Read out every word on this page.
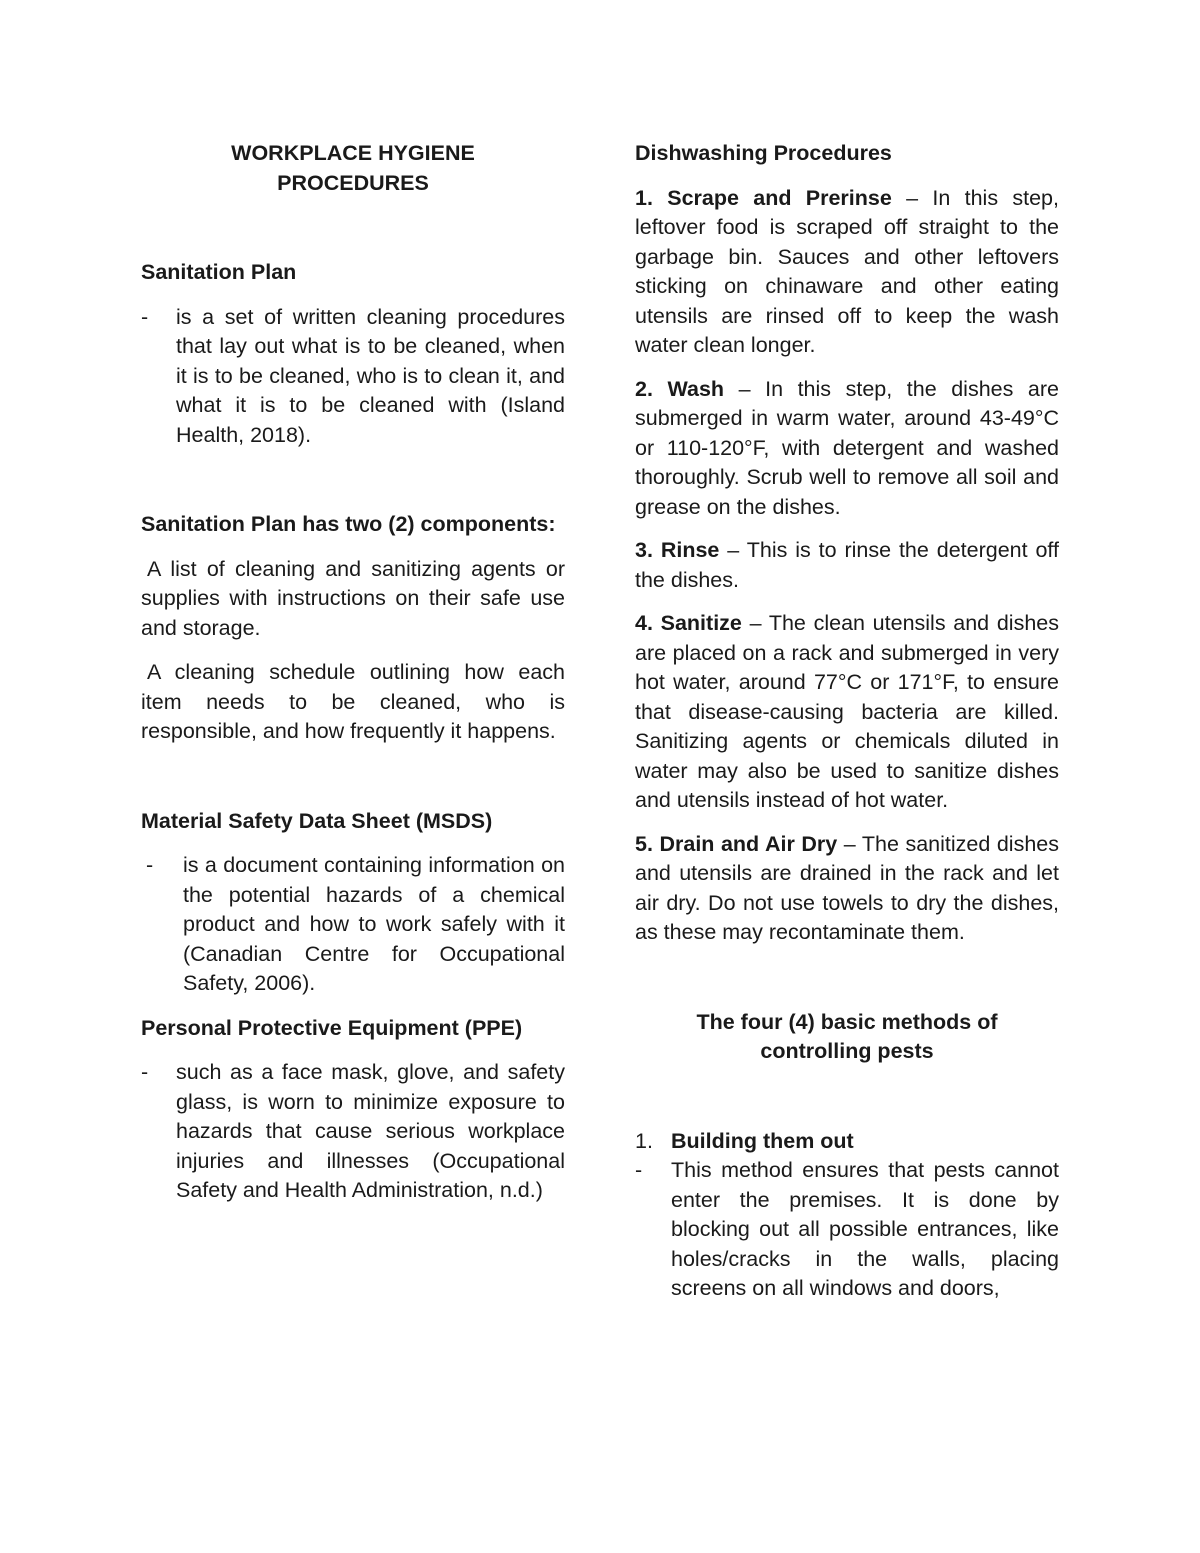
WORKPLACE HYGIENE

PROCEDURES

Sanitation Plan

-	is a set of written cleaning procedures that lay out what is to be cleaned, when it is to be cleaned, who is to clean it, and what it is to be cleaned with (Island Health, 2018).

Sanitation Plan has two (2) components:

A list of cleaning and sanitizing agents or supplies with instructions on their safe use and storage.

A cleaning schedule outlining how each item needs to be cleaned, who is responsible, and how frequently it happens.

Material Safety Data Sheet (MSDS)

-	is a document containing information on the potential hazards of a chemical product and how to work safely with it (Canadian Centre for Occupational Safety, 2006).

Personal Protective Equipment (PPE)

-	such as a face mask, glove, and safety glass, is worn to minimize exposure to hazards that cause serious workplace injuries and illnesses (Occupational Safety and Health Administration, n.d.)

Dishwashing Procedures

1. Scrape and Prerinse – In this step, leftover food is scraped off straight to the garbage bin. Sauces and other leftovers sticking on chinaware and other eating utensils are rinsed off to keep the wash water clean longer.

2. Wash – In this step, the dishes are submerged in warm water, around 43-49°C or 110-120°F, with detergent and washed thoroughly. Scrub well to remove all soil and grease on the dishes.

3. Rinse – This is to rinse the detergent off the dishes.

4. Sanitize – The clean utensils and dishes are placed on a rack and submerged in very hot water, around 77°C or 171°F, to ensure that disease-causing bacteria are killed. Sanitizing agents or chemicals diluted in water may also be used to sanitize dishes and utensils instead of hot water.

5. Drain and Air Dry – The sanitized dishes and utensils are drained in the rack and let air dry. Do not use towels to dry the dishes, as these may recontaminate them.

The four (4) basic methods of

controlling pests

1. Building them out
-	This method ensures that pests cannot enter the premises. It is done by blocking out all possible entrances, like holes/cracks in the walls, placing screens on all windows and doors,
